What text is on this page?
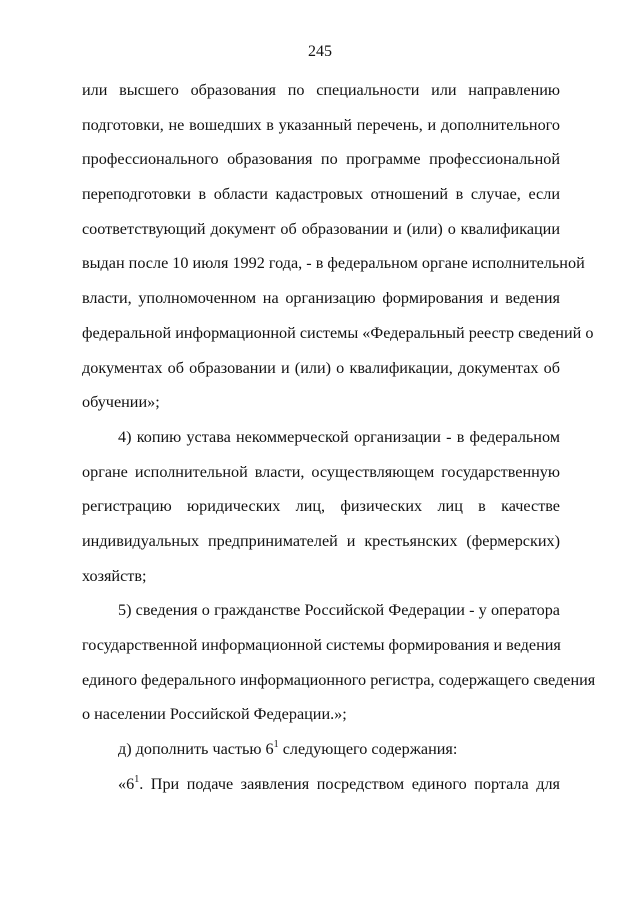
245
или высшего образования по специальности или направлению
подготовки, не вошедших в указанный перечень, и дополнительного
профессионального образования по программе профессиональной
переподготовки в области кадастровых отношений в случае, если
соответствующий документ об образовании и (или) о квалификации
выдан после 10 июля 1992 года, - в федеральном органе исполнительной
власти, уполномоченном на организацию формирования и ведения
федеральной информационной системы «Федеральный реестр сведений о
документах об образовании и (или) о квалификации, документах об
обучении»;
4) копию устава некоммерческой организации - в федеральном
органе исполнительной власти, осуществляющем государственную
регистрацию юридических лиц, физических лиц в качестве
индивидуальных предпринимателей и крестьянских (фермерских)
хозяйств;
5) сведения о гражданстве Российской Федерации - у оператора
государственной информационной системы формирования и ведения
единого федерального информационного регистра, содержащего сведения
о населении Российской Федерации.»;
д) дополнить частью $6^1$ следующего содержания:
«$6^1$. При подаче заявления посредством единого портала для
